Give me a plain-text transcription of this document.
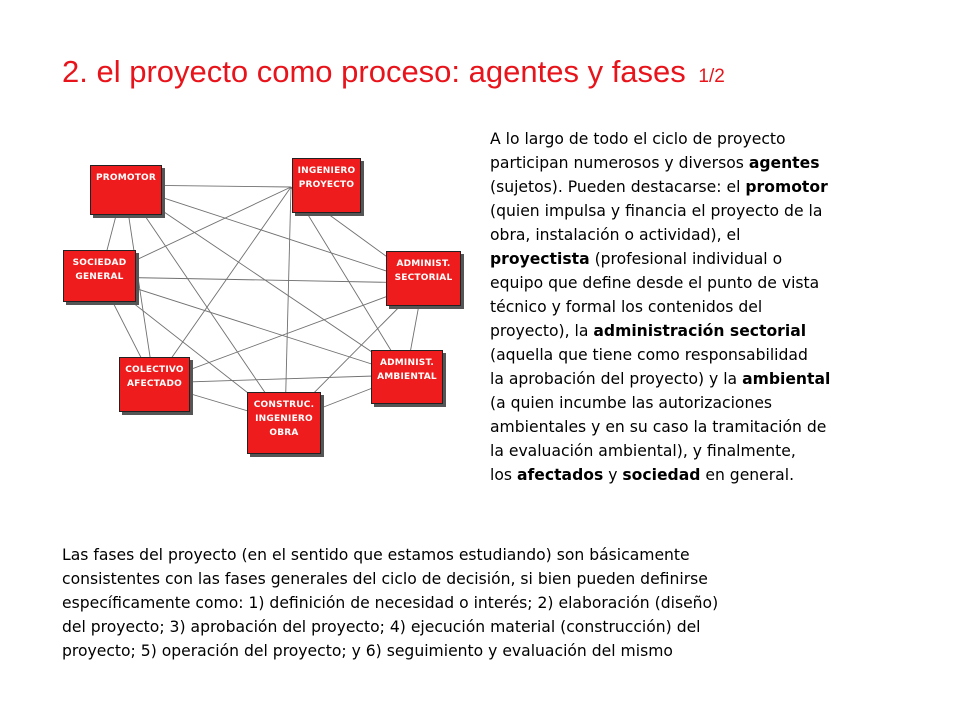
2. el proyecto como proceso: agentes y fases 1/2
PROMOTOR
INGENIERO
PROYECTO
SOCIEDAD
GENERAL
ADMINIST.
SECTORIAL
COLECTIVO
AFECTADO
ADMINIST.
AMBIENTAL
CONSTRUC.
INGENIERO
OBRA

A lo largo de todo el ciclo de proyecto

participan numerosos y diversos agentes

(sujetos). Pueden destacarse: el promotor

(quien impulsa y financia el proyecto de la

obra, instalación o actividad), el

proyectista (profesional individual o

equipo que define desde el punto de vista

técnico y formal los contenidos del

proyecto), la administración sectorial

(aquella que tiene como responsabilidad

la aprobación del proyecto) y la ambiental

(a quien incumbe las autorizaciones

ambientales y en su caso la tramitación de

la evaluación ambiental), y finalmente,

los afectados y sociedad en general.

Las fases del proyecto (en el sentido que estamos estudiando) son básicamente

consistentes con las fases generales del ciclo de decisión, si bien pueden definirse

específicamente como: 1) definición de necesidad o interés; 2) elaboración (diseño)

del proyecto; 3) aprobación del proyecto; 4) ejecución material (construcción) del

proyecto; 5) operación del proyecto; y 6) seguimiento y evaluación del mismo
